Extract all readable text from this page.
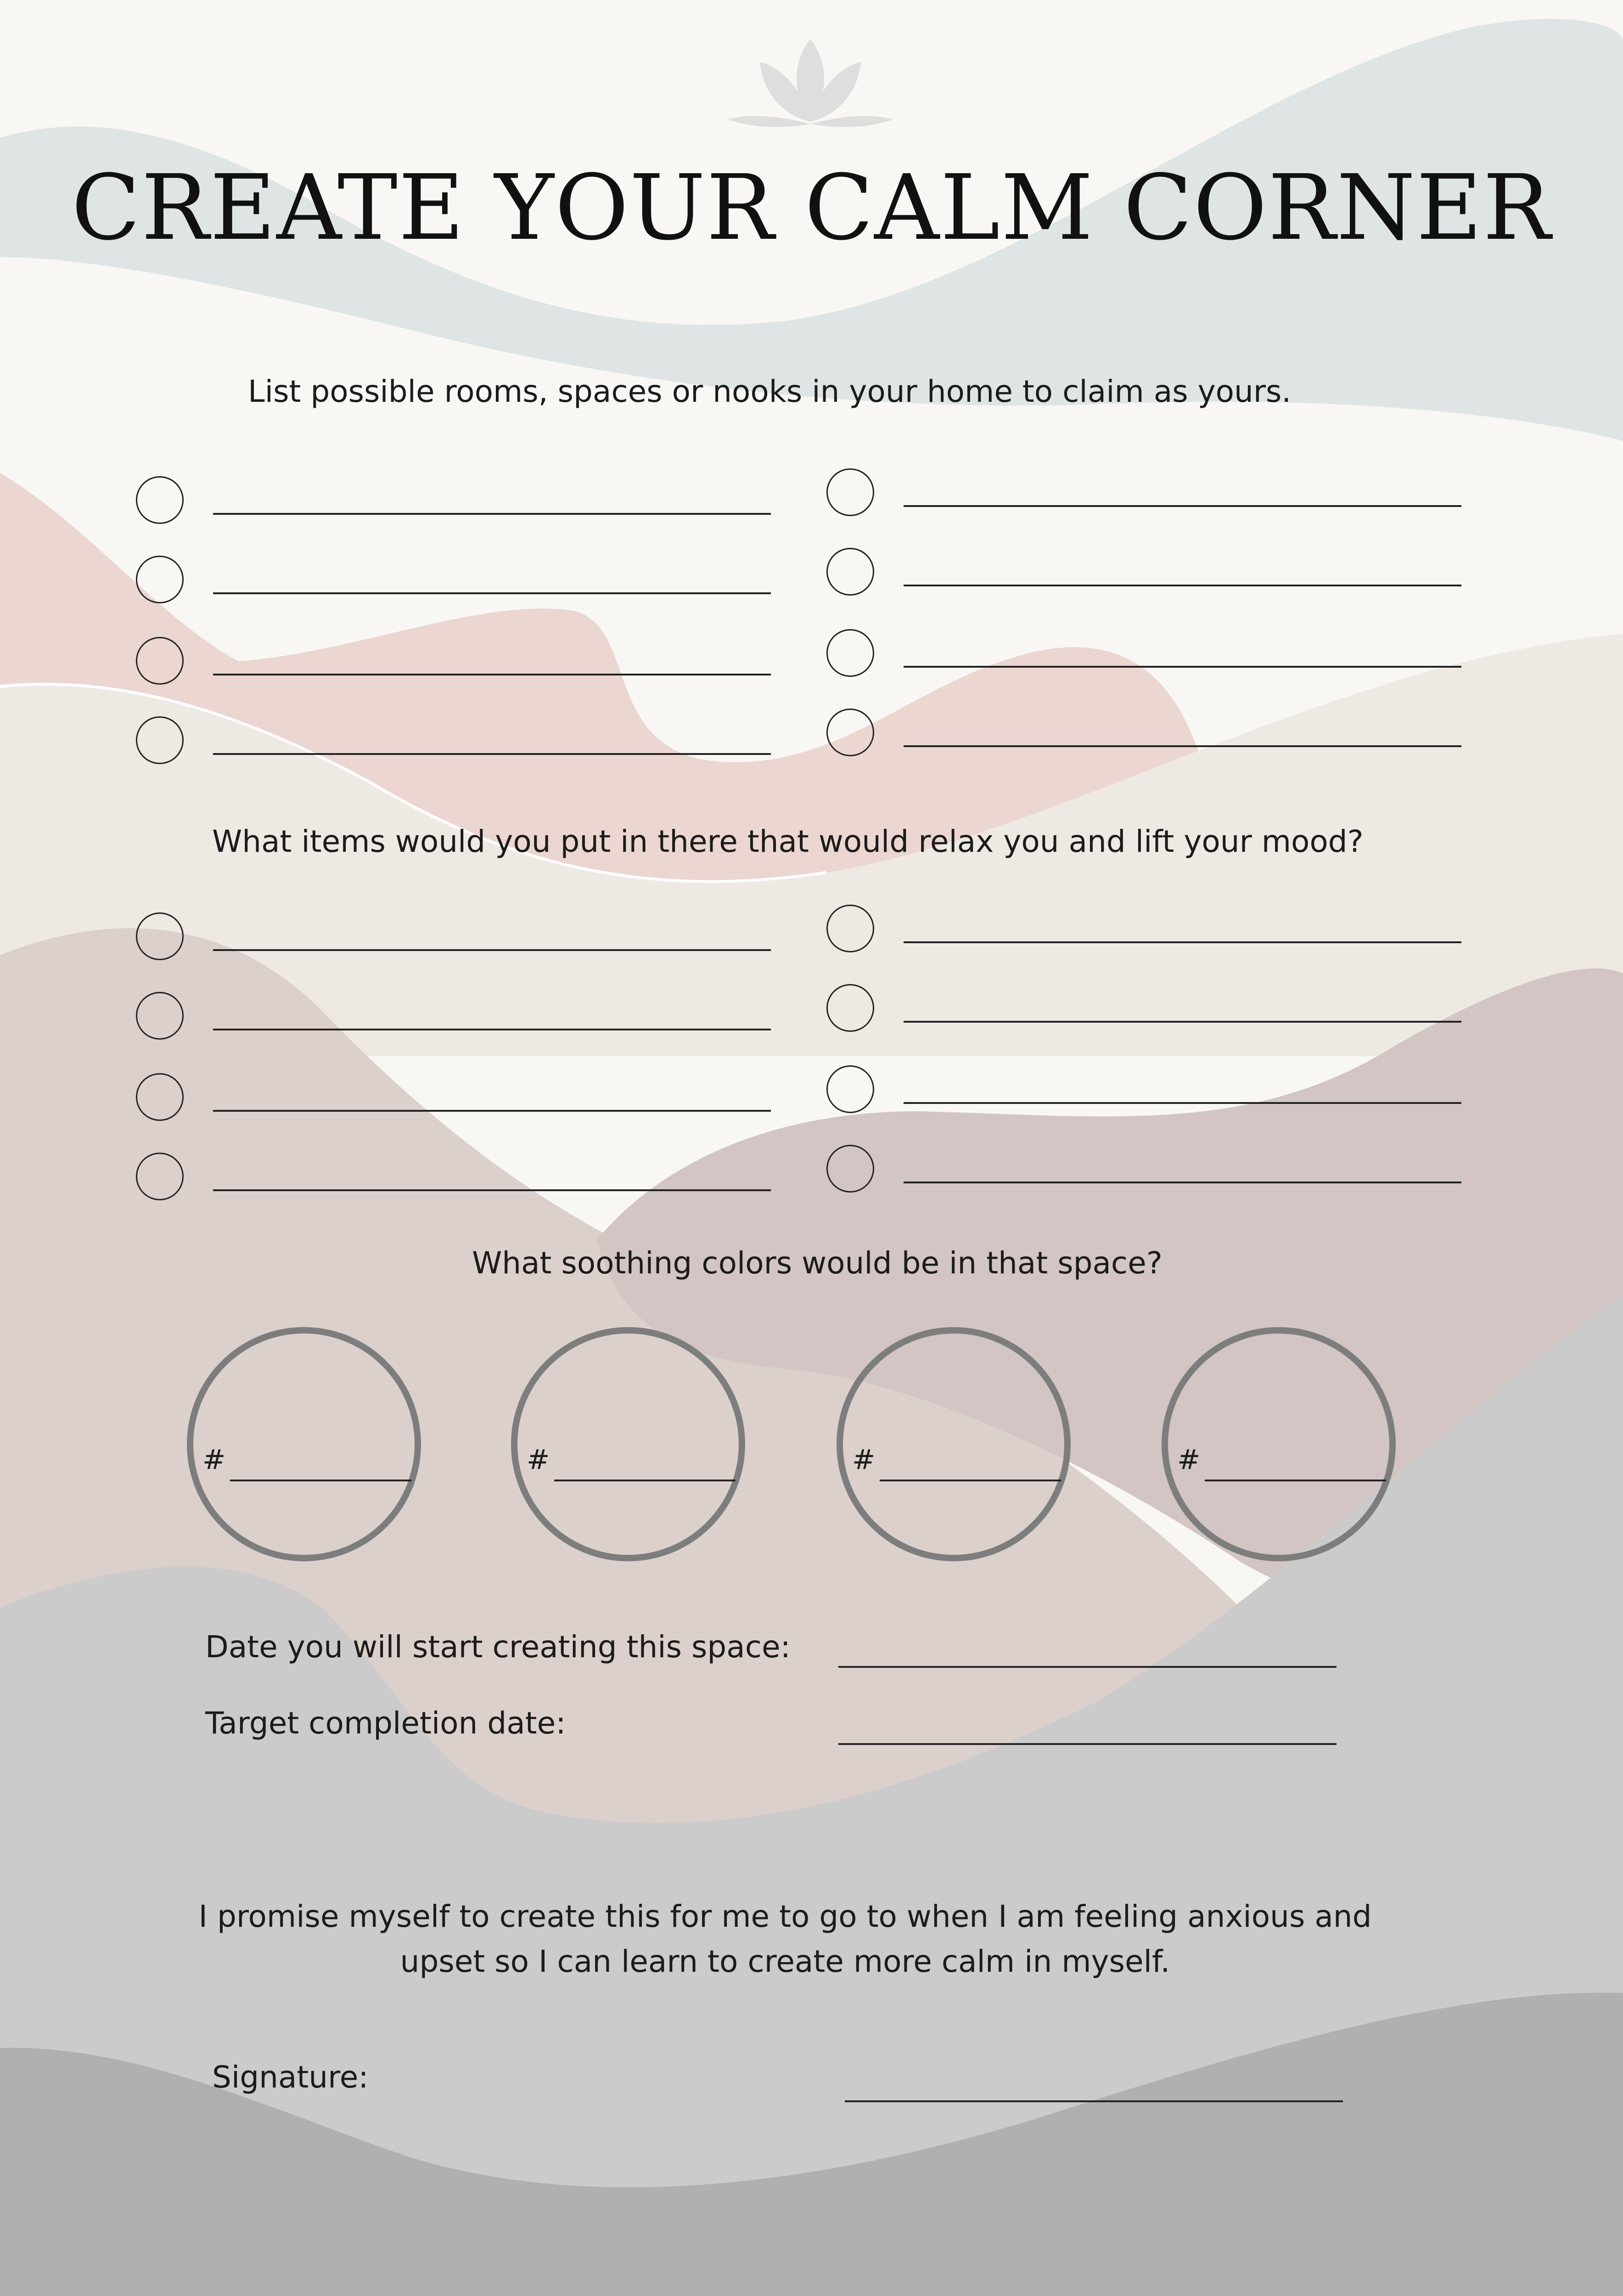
CREATE YOUR CALM CORNER
List possible rooms, spaces or nooks in your home to claim as yours.
What items would you put in there that would relax you and lift your mood?
What soothing colors would be in that space?
#	#	#	#
Date you will start creating this space:
Target completion date:
I promise myself to create this for me to go to when I am feeling anxious and
upset so I can learn to create more calm in myself.
Signature:
